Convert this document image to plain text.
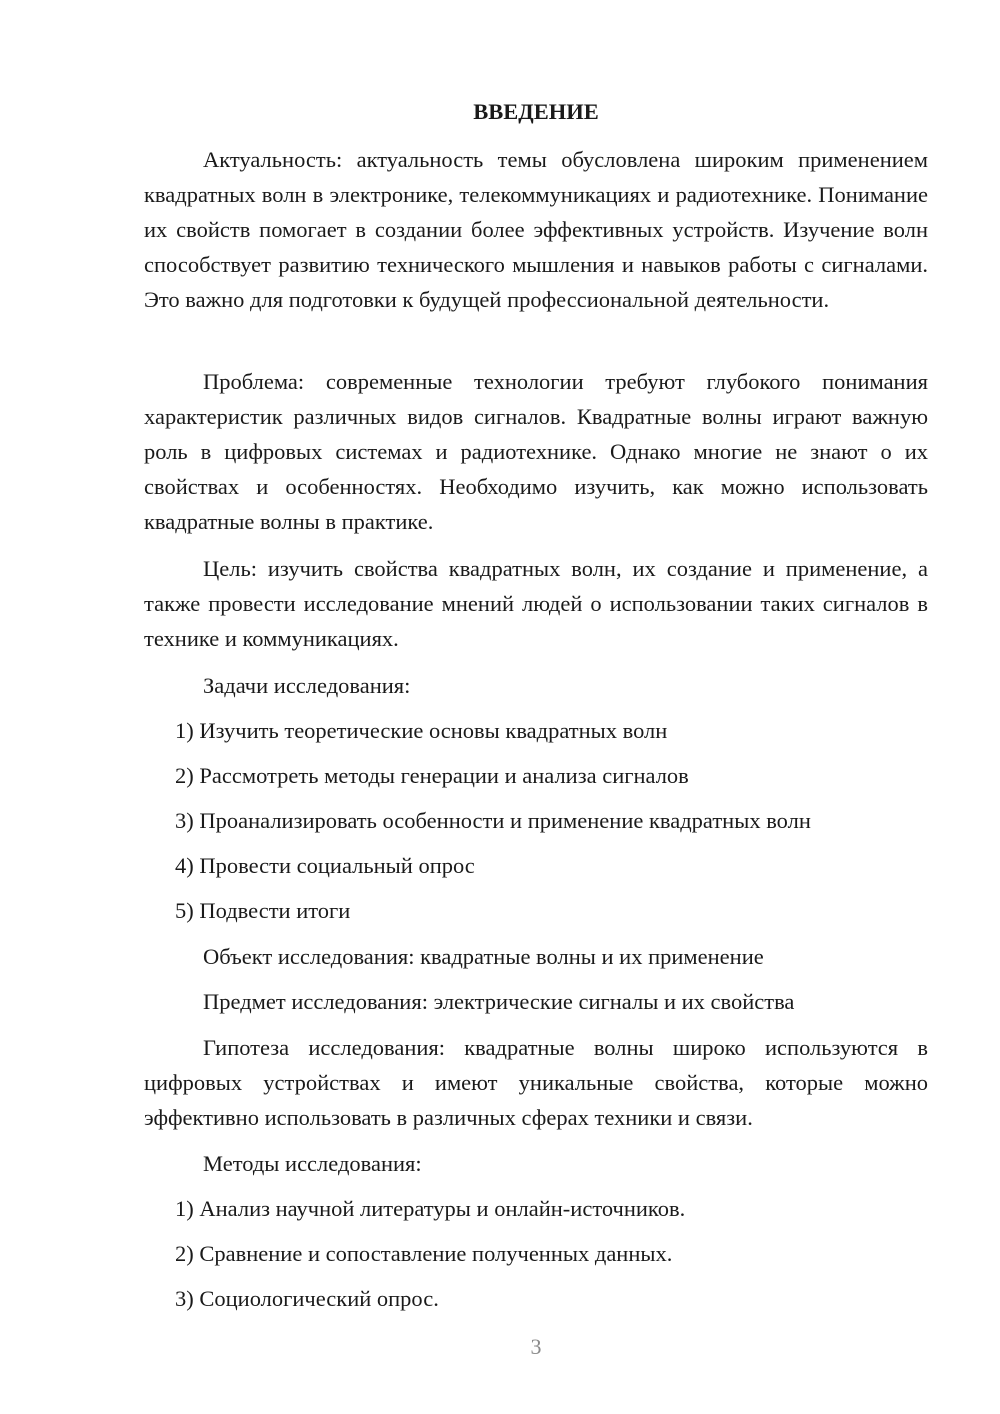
ВВЕДЕНИЕ

Актуальность: актуальность темы обусловлена широким применением квадратных волн в электронике, телекоммуникациях и радиотехнике. Понимание их свойств помогает в создании более эффективных устройств. Изучение волн способствует развитию технического мышления и навыков работы с сигналами. Это важно для подготовки к будущей профессиональной деятельности.

Проблема: современные технологии требуют глубокого понимания характеристик различных видов сигналов. Квадратные волны играют важную роль в цифровых системах и радиотехнике. Однако многие не знают о их свойствах и особенностях. Необходимо изучить, как можно использовать квадратные волны в практике.

Цель: изучить свойства квадратных волн, их создание и применение, а также провести исследование мнений людей о использовании таких сигналов в технике и коммуникациях.

Задачи исследования:

1) Изучить теоретические основы квадратных волн

2) Рассмотреть методы генерации и анализа сигналов

3) Проанализировать особенности и применение квадратных волн

4) Провести социальный опрос

5) Подвести итоги

Объект исследования: квадратные волны и их применение

Предмет исследования: электрические сигналы и их свойства

Гипотеза исследования: квадратные волны широко используются в цифровых устройствах и имеют уникальные свойства, которые можно эффективно использовать в различных сферах техники и связи.

Методы исследования:

1) Анализ научной литературы и онлайн-источников.

2) Сравнение и сопоставление полученных данных.

3) Социологический опрос.

3
